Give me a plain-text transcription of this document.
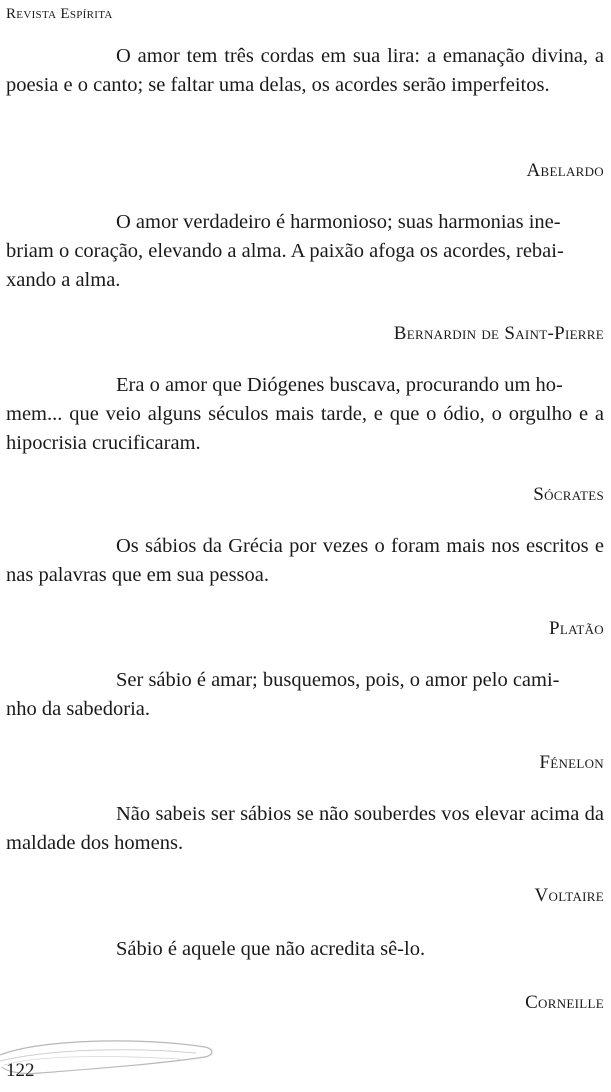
Revista Espírita

O amor tem três cordas em sua lira: a emanação divina, a poesia e o canto; se faltar uma delas, os acordes serão imperfeitos.

Abelardo

O amor verdadeiro é harmonioso; suas harmonias ine-
briam o coração, elevando a alma. A paixão afoga os acordes, rebai-
xando a alma.

Bernardin de Saint-Pierre

Era o amor que Diógenes buscava, procurando um ho-
mem... que veio alguns séculos mais tarde, e que o ódio, o orgulho e a hipocrisia crucificaram.

Sócrates

Os sábios da Grécia por vezes o foram mais nos escritos e nas palavras que em sua pessoa.

Platão

Ser sábio é amar; busquemos, pois, o amor pelo cami-
nho da sabedoria.

Fénelon

Não sabeis ser sábios se não souberdes vos elevar acima da maldade dos homens.

Voltaire

Sábio é aquele que não acredita sê-lo.

Corneille
122
